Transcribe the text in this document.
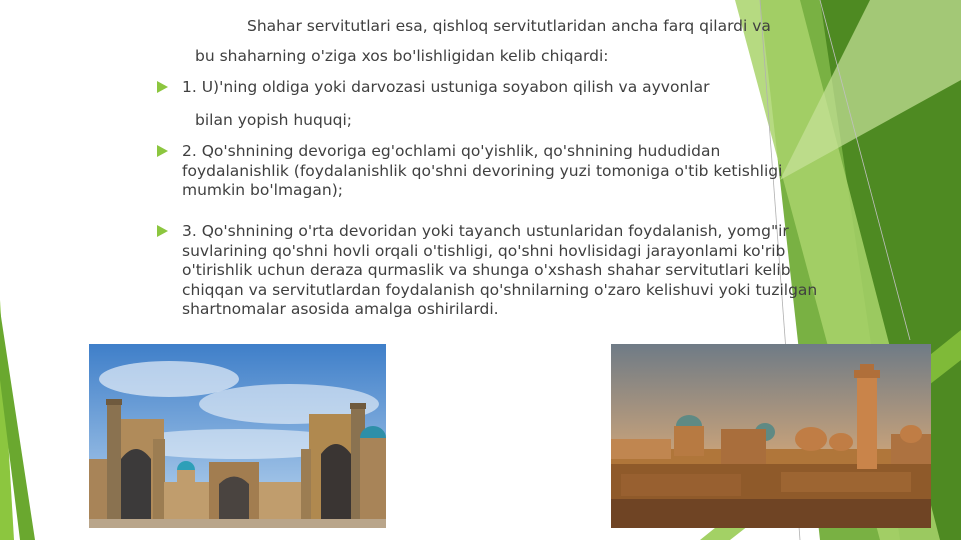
Shahar servitutlari esa, qishloq servitutlaridan ancha farq qilardi va
bu shaharning o'ziga xos bo'lishligidan kelib chiqardi:
1. U)'ning oldiga yoki darvozasi ustuniga soyabon qilish va ayvonlar
bilan yopish huquqi;
2. Qo'shnining devoriga eg'ochlami qo'yishlik, qo'shnining hududidan
foydalanishlik (foydalanishlik qo'shni devorining yuzi tomoniga o'tib ketishligi
mumkin bo'lmagan);
3. Qo'shnining o'rta devoridan yoki tayanch ustunlaridan foydalanish, yomg"ir
suvlarining qo'shni hovli orqali o'tishligi, qo'shni hovlisidagi jarayonlami ko'rib
o'tirishlik uchun deraza qurmaslik va shunga o'xshash shahar servitutlari kelib
chiqqan va servitutlardan foydalanish qo'shnilarning o'zaro kelishuvi yoki tuzilgan
shartnomalar asosida amalga oshirilardi.
